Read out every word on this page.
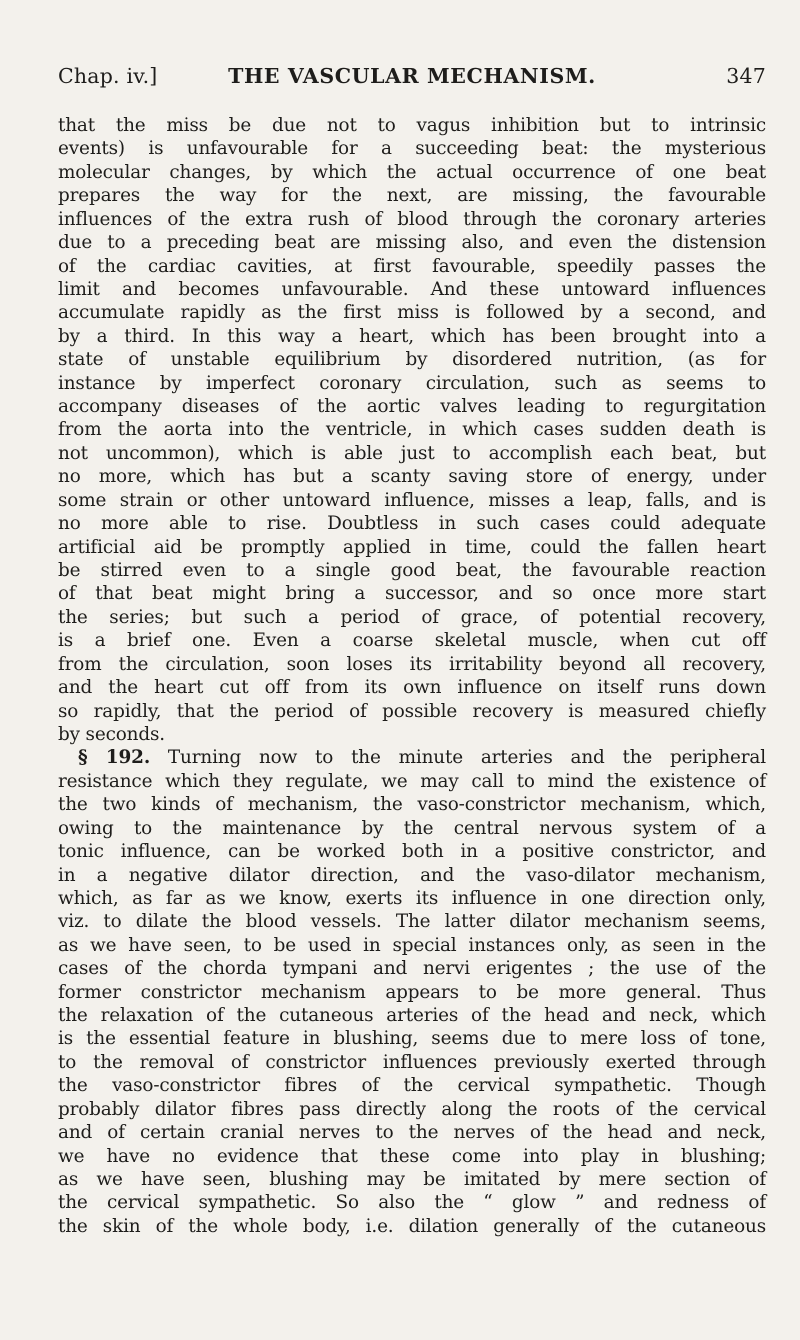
Chap. iv.]	THE VASCULAR MECHANISM.	347
that the miss be due not to vagus inhibition but to intrinsic
events) is unfavourable for a succeeding beat: the mysterious
molecular changes, by which the actual occurrence of one beat
prepares the way for the next, are missing, the favourable
influences of the extra rush of blood through the coronary arteries
due to a preceding beat are missing also, and even the distension
of the cardiac cavities, at first favourable, speedily passes the
limit and becomes unfavourable. And these untoward influences
accumulate rapidly as the first miss is followed by a second, and
by a third. In this way a heart, which has been brought into a
state of unstable equilibrium by disordered nutrition, (as for
instance by imperfect coronary circulation, such as seems to
accompany diseases of the aortic valves leading to regurgitation
from the aorta into the ventricle, in which cases sudden death is
not uncommon), which is able just to accomplish each beat, but
no more, which has but a scanty saving store of energy, under
some strain or other untoward influence, misses a leap, falls, and is
no more able to rise. Doubtless in such cases could adequate
artificial aid be promptly applied in time, could the fallen heart
be stirred even to a single good beat, the favourable reaction
of that beat might bring a successor, and so once more start
the series; but such a period of grace, of potential recovery,
is a brief one. Even a coarse skeletal muscle, when cut off
from the circulation, soon loses its irritability beyond all recovery,
and the heart cut off from its own influence on itself runs down
so rapidly, that the period of possible recovery is measured chiefly
by seconds.
§ 192. Turning now to the minute arteries and the peripheral
resistance which they regulate, we may call to mind the existence of
the two kinds of mechanism, the vaso-constrictor mechanism, which,
owing to the maintenance by the central nervous system of a
tonic influence, can be worked both in a positive constrictor, and
in a negative dilator direction, and the vaso-dilator mechanism,
which, as far as we know, exerts its influence in one direction only,
viz. to dilate the blood vessels. The latter dilator mechanism seems,
as we have seen, to be used in special instances only, as seen in the
cases of the chorda tympani and nervi erigentes ; the use of the
former constrictor mechanism appears to be more general. Thus
the relaxation of the cutaneous arteries of the head and neck, which
is the essential feature in blushing, seems due to mere loss of tone,
to the removal of constrictor influences previously exerted through
the vaso-constrictor fibres of the cervical sympathetic. Though
probably dilator fibres pass directly along the roots of the cervical
and of certain cranial nerves to the nerves of the head and neck,
we have no evidence that these come into play in blushing;
as we have seen, blushing may be imitated by mere section of
the cervical sympathetic. So also the “ glow ” and redness of
the skin of the whole body, i.e. dilation generally of the cutaneous
